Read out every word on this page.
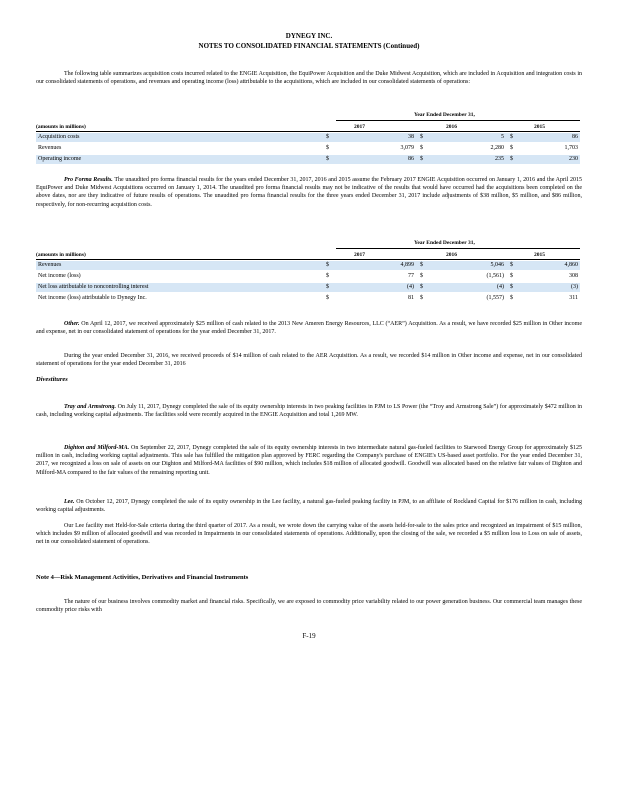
DYNEGY INC.
NOTES TO CONSOLIDATED FINANCIAL STATEMENTS (Continued)
The following table summarizes acquisition costs incurred related to the ENGIE Acquisition, the EquiPower Acquisition and the Duke Midwest Acquisition, which are included in Acquisition and integration costs in our consolidated statements of operations, and revenues and operating income (loss) attributable to the acquisitions, which are included in our consolidated statements of operations:
Year Ended December 31,
(amounts in millions)	2017	2016	2015
Acquisition costs	$	38 $	5 $	86
Revenues	$	3,079 $	2,280 $	1,703
Operating income	$	86 $	235 $	230
Pro Forma Results. The unaudited pro forma financial results for the years ended December 31, 2017, 2016 and 2015 assume the February 2017 ENGIE Acquisition occurred on January 1, 2016 and the April 2015 EquiPower and Duke Midwest Acquisitions occurred on January 1, 2014. The unaudited pro forma financial results may not be indicative of the results that would have occurred had the acquisitions been completed on the above dates, nor are they indicative of future results of operations. The unaudited pro forma financial results for the three years ended December 31, 2017 include adjustments of $38 million, $5 million, and $86 million, respectively, for non-recurring acquisition costs.
Year Ended December 31,
(amounts in millions)	2017	2016	2015
Revenues	$	4,899 $	5,046 $	4,860
Net income (loss)	$	77 $	(1,561) $	308
Net loss attributable to noncontrolling interest	$	(4) $	(4) $	(3)
Net income (loss) attributable to Dynegy Inc.	$	81 $	(1,557) $	311
Other. On April 12, 2017, we received approximately $25 million of cash related to the 2013 New Ameren Energy Resources, LLC (“AER”) Acquisition. As a result, we have recorded $25 million in Other income and expense, net in our consolidated statement of operations for the year ended December 31, 2017.
During the year ended December 31, 2016, we received proceeds of $14 million of cash related to the AER Acquisition. As a result, we recorded $14 million in Other income and expense, net in our consolidated statement of operations for the year ended December 31, 2016
Divestitures
Tray and Armstrong. On July 11, 2017, Dynegy completed the sale of its equity ownership interests in two peaking facilities in PJM to LS Power (the “Troy and Armstrong Sale”) for approximately $472 million in cash, including working capital adjustments. The facilities sold were recently acquired in the ENGIE Acquisition and total 1,269 MW.
Dighton and Milford-MA. On September 22, 2017, Dynegy completed the sale of its equity ownership interests in two intermediate natural gas-fueled facilities to Starwood Energy Group for approximately $125 million in cash, including working capital adjustments. This sale has fulfilled the mitigation plan approved by FERC regarding the Company's purchase of ENGIE's US-based asset portfolio. For the year ended December 31, 2017, we recognized a loss on sale of assets on our Dighton and Milford-MA facilities of $90 million, which includes $18 million of allocated goodwill. Goodwill was allocated based on the relative fair values of Dighton and Milford-MA compared to the fair values of the remaining reporting unit.
Lee. On October 12, 2017, Dynegy completed the sale of its equity ownership in the Lee facility, a natural gas-fueled peaking facility in PJM, to an affiliate of Rockland Capital for $176 million in cash, including working capital adjustments.
Our Lee facility met Held-for-Sale criteria during the third quarter of 2017. As a result, we wrote down the carrying value of the assets held-for-sale to the sales price and recognized an impairment of $15 million, which includes $9 million of allocated goodwill and was recorded in Impairments in our consolidated statements of operations. Additionally, upon the closing of the sale, we recorded a $5 million loss to Loss on sale of assets, net in our consolidated statement of operations.
Note 4—Risk Management Activities, Derivatives and Financial Instruments
The nature of our business involves commodity market and financial risks. Specifically, we are exposed to commodity price variability related to our power generation business. Our commercial team manages these commodity price risks with
F-19
